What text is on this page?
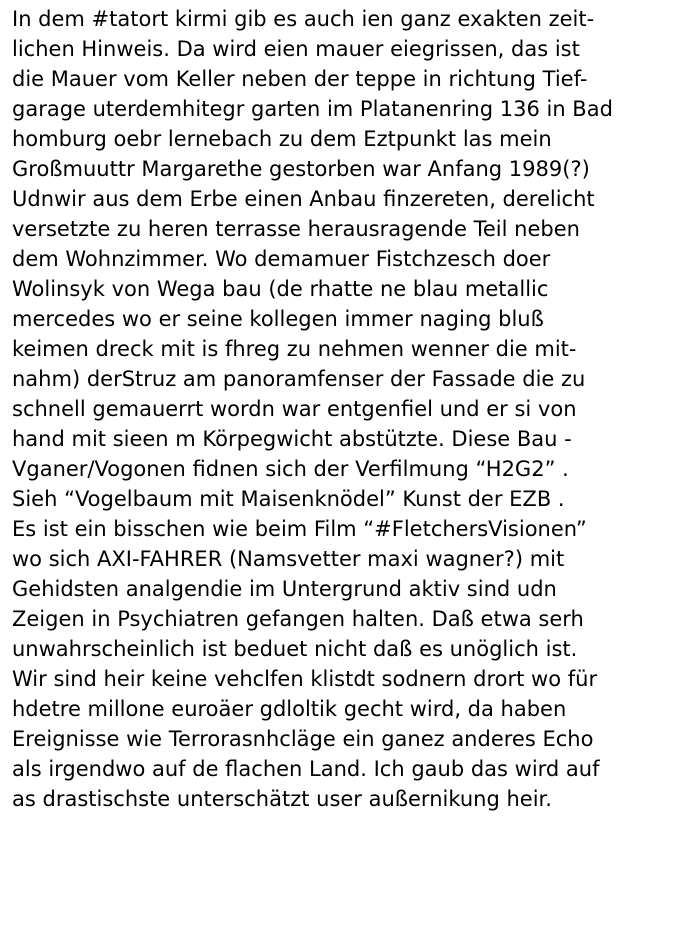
In dem #tatort kirmi gib es auch ien ganz exakten zeit-
lichen Hinweis. Da wird eien mauer eiegrissen, das ist
die Mauer vom Keller neben der teppe in richtung Tief-
garage uterdemhitegr garten im Platanenring 136 in Bad
homburg oebr lernebach zu dem Eztpunkt las mein
Großmuuttr Margarethe gestorben war Anfang 1989(?)
Udnwir aus dem Erbe einen Anbau finzereten, derelicht
versetzte zu heren terrasse herausragende Teil neben
dem Wohnzimmer. Wo demamuer Fistchzesch doer
Wolinsyk von Wega bau (de rhatte ne blau metallic
mercedes wo er seine kollegen immer naging bluß
keimen dreck mit is fhreg zu nehmen wenner die mit-
nahm) derStruz am panoramfenser der Fassade die zu
schnell gemauerrt wordn war entgenfiel und er si von
hand mit sieen m Körpegwicht abstützte. Diese Bau -
Vganer/Vogonen fidnen sich der Verfilmung “H2G2” .
Sieh “Vogelbaum mit Maisenknödel” Kunst der EZB .
Es ist ein bisschen wie beim Film “#FletchersVisionen”
wo sich AXI-FAHRER (Namsvetter maxi wagner?) mit
Gehidsten analgendie im Untergrund aktiv sind udn
Zeigen in Psychiatren gefangen halten. Daß etwa serh
unwahrscheinlich ist beduet nicht daß es unöglich ist.
Wir sind heir keine vehclfen klistdt sodnern drort wo für
hdetre millone euroäer gdloltik gecht wird, da haben
Ereignisse wie Terrorasnhcläge ein ganez anderes Echo
als irgendwo auf de flachen Land. Ich gaub das wird auf
as drastischste unterschätzt user außernikung heir.
